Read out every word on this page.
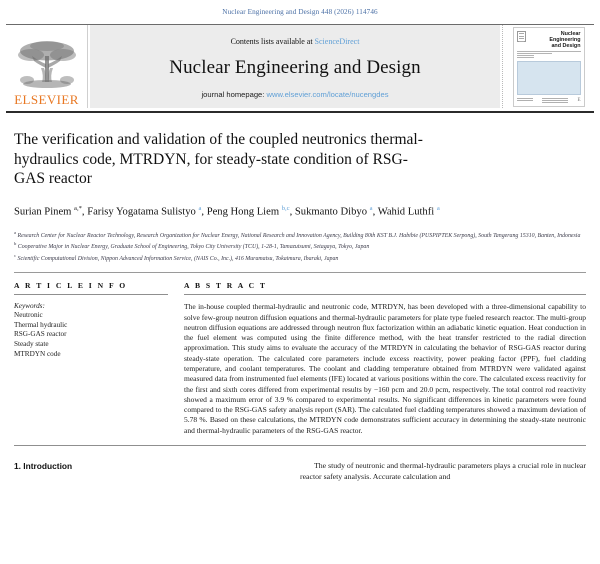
Nuclear Engineering and Design 448 (2026) 114746
ELSEVIER
Contents lists available at ScienceDirect
Nuclear Engineering and Design
journal homepage: www.elsevier.com/locate/nucengdes
Nuclear Engineering
and Design
E
The verification and validation of the coupled neutronics thermal-hydraulics code, MTRDYN, for steady-state condition of RSG-GAS reactor
Surian Pinem $^{a,*}$, Farisy Yogatama Sulistyo $^a$, Peng Hong Liem $^{b,c}$, Sukmanto Dibyo $^a$, Wahid Luthfi $^a$

$^a$ Research Center for Nuclear Reactor Technology, Research Organization for Nuclear Energy, National Research and Innovation Agency, Building 80th KST B.J. Habibie (PUSPIPTEK Serpong), South Tangerang 15310, Banten, Indonesia

$^b$ Cooperative Major in Nuclear Energy, Graduate School of Engineering, Tokyo City University (TCU), 1-28-1, Tamazutsumi, Setagaya, Tokyo, Japan

$^c$ Scientific Computational Division, Nippon Advanced Information Service, (NAIS Co., Inc.), 416 Muramatsu, Tokaimura, Ibaraki, Japan

A R T I C L E I N F O
Keywords:
Neutronic
Thermal hydraulic
RSG-GAS reactor
Steady state
MTRDYN code
A B S T R A C T
The in-house coupled thermal-hydraulic and neutronic code, MTRDYN, has been developed with a three-dimensional capability to solve few-group neutron diffusion equations and thermal-hydraulic parameters for plate type fueled research reactor. The multi-group neutron diffusion equations are addressed through neutron flux factorization within an adiabatic kinetic equation. Heat conduction in the fuel element was computed using the finite difference method, with the heat transfer restricted to the radial direction approximation. This study aims to evaluate the accuracy of the MTRDYN in calculating the behavior of RSG-GAS reactor during steady-state operation. The calculated core parameters include excess reactivity, power peaking factor (PPF), fuel cladding temperature, and coolant temperatures. The coolant and cladding temperature obtained from MTRDYN were validated against measured data from instrumented fuel elements (IFE) located at various positions within the core. The calculated excess reactivity for the first and sixth cores differed from experimental results by −160 pcm and 20.0 pcm, respectively. The total control rod reactivity showed a maximum error of 3.9 % compared to experimental results. No significant differences in kinetic parameters were found compared to the RSG-GAS safety analysis report (SAR). The calculated fuel cladding temperatures showed a maximum deviation of 5.78 %. Based on these calculations, the MTRDYN code demonstrates sufficient accuracy in determining the steady-state neutronic and thermal-hydraulic parameters of the RSG-GAS reactor.
1. Introduction	The study of neutronic and thermal-hydraulic parameters plays a crucial role in nuclear reactor safety analysis. Accurate calculation and
